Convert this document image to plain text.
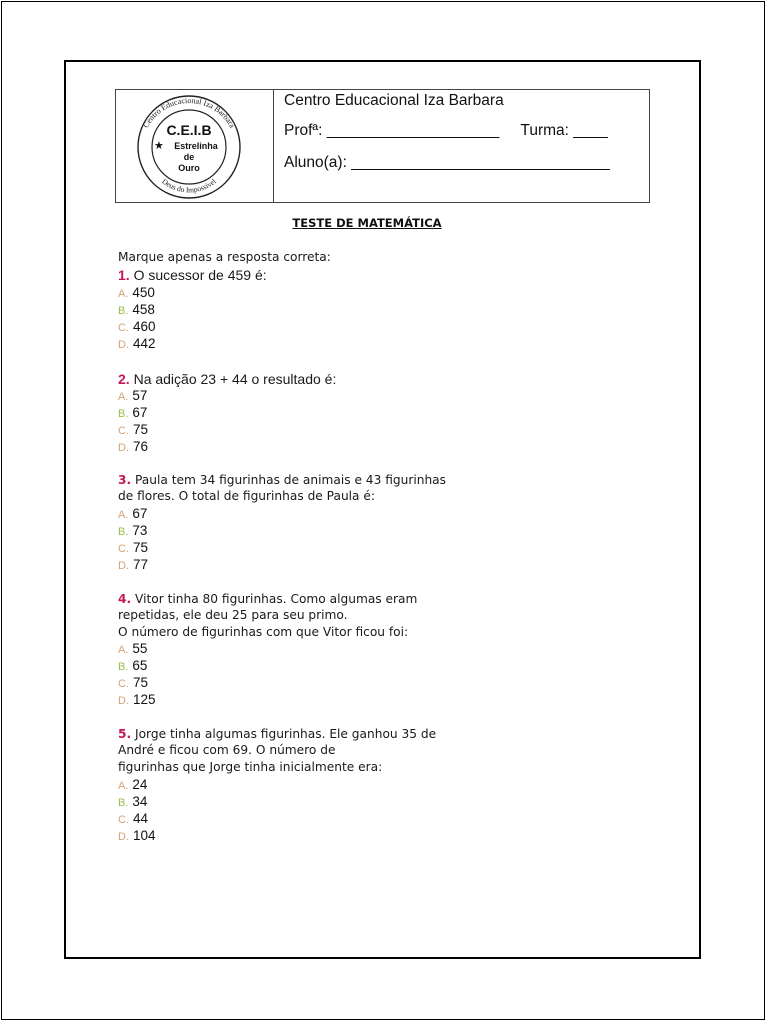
Centro Educacional Iza Barbara
Deus do Impossível
C.E.I.B
★ Estrelinha
de
Ouro
Centro Educacional Iza Barbara
Profª: ____________________     Turma: ____
Aluno(a): ______________________________
TESTE DE MATEMÁTICA
Marque apenas a resposta correta:
1. O sucessor de 459 é:
A. 450
B. 458
C. 460
D. 442
2. Na adição 23 + 44 o resultado é:
A. 57
B. 67
C. 75
D. 76
3. Paula tem 34 figurinhas de animais e 43 figurinhas
de flores. O total de figurinhas de Paula é:
A. 67
B. 73
C. 75
D. 77
4. Vitor tinha 80 figurinhas. Como algumas eram
repetidas, ele deu 25 para seu primo.
O número de figurinhas com que Vitor ficou foi:
A. 55
B. 65
C. 75
D. 125
5. Jorge tinha algumas figurinhas. Ele ganhou 35 de
André e ficou com 69. O número de
figurinhas que Jorge tinha inicialmente era:
A. 24
B. 34
C. 44
D. 104
